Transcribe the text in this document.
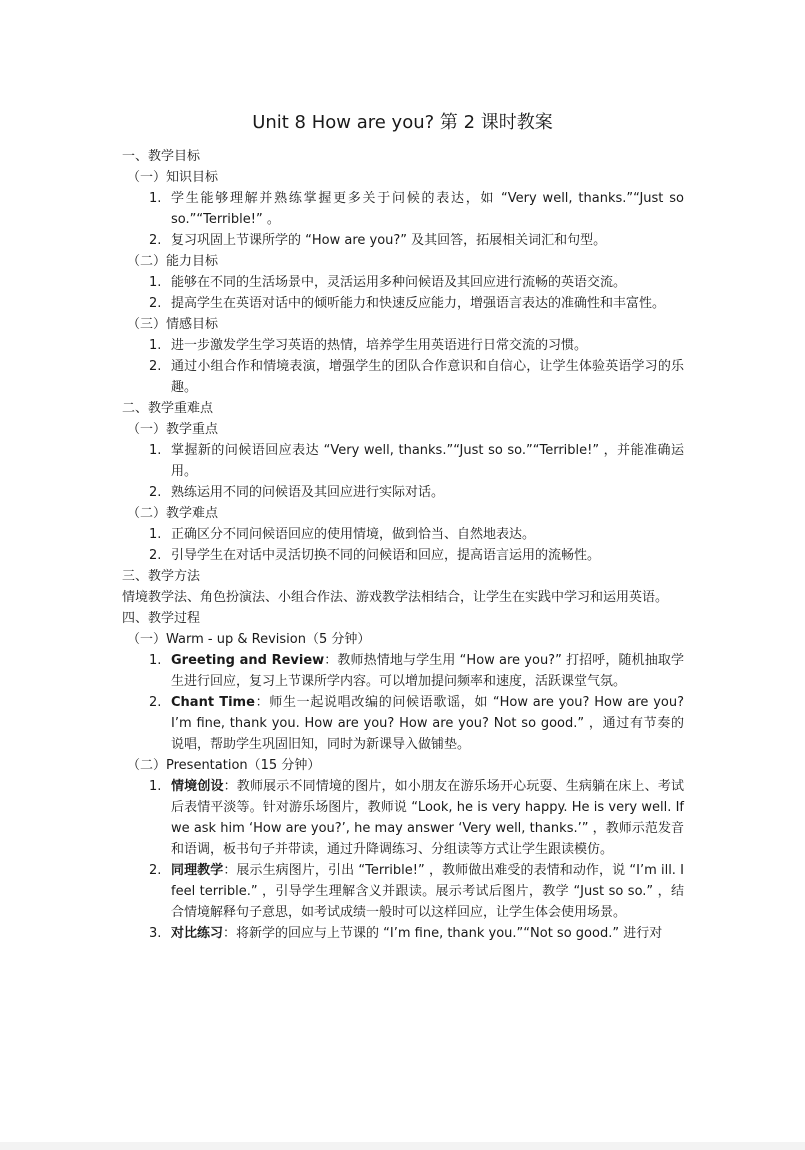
Unit 8 How are you? 第 2 课时教案

一、教学目标

（一）知识目标

1. 学生能够理解并熟练掌握更多关于问候的表达，如 “Very well, thanks.”“Just so so.”“Terrible!” 。
2. 复习巩固上节课所学的 “How are you?” 及其回答，拓展相关词汇和句型。

（二）能力目标

1. 能够在不同的生活场景中，灵活运用多种问候语及其回应进行流畅的英语交流。
2. 提高学生在英语对话中的倾听能力和快速反应能力，增强语言表达的准确性和丰富性。

（三）情感目标

1. 进一步激发学生学习英语的热情，培养学生用英语进行日常交流的习惯。
2. 通过小组合作和情境表演，增强学生的团队合作意识和自信心，让学生体验英语学习的乐趣。

二、教学重难点

（一）教学重点

1. 掌握新的问候语回应表达 “Very well, thanks.”“Just so so.”“Terrible!” ，并能准确运用。
2. 熟练运用不同的问候语及其回应进行实际对话。

（二）教学难点

1. 正确区分不同问候语回应的使用情境，做到恰当、自然地表达。
2. 引导学生在对话中灵活切换不同的问候语和回应，提高语言运用的流畅性。

三、教学方法

情境教学法、角色扮演法、小组合作法、游戏教学法相结合，让学生在实践中学习和运用英语。

四、教学过程

（一）Warm - up & Revision（5 分钟）

1. Greeting and Review：教师热情地与学生用 “How are you?” 打招呼，随机抽取学生进行回应，复习上节课所学内容。可以增加提问频率和速度，活跃课堂气氛。
2. Chant Time：师生一起说唱改编的问候语歌谣，如 “How are you? How are you? I’m fine, thank you. How are you? How are you? Not so good.” ，通过有节奏的说唱，帮助学生巩固旧知，同时为新课导入做铺垫。

（二）Presentation（15 分钟）

1. 情境创设：教师展示不同情境的图片，如小朋友在游乐场开心玩耍、生病躺在床上、考试后表情平淡等。针对游乐场图片，教师说 “Look, he is very happy. He is very well. If we ask him ‘How are you?’, he may answer ‘Very well, thanks.’” ，教师示范发音和语调，板书句子并带读，通过升降调练习、分组读等方式让学生跟读模仿。
2. 同理教学：展示生病图片，引出 “Terrible!” ，教师做出难受的表情和动作，说 “I’m ill. I feel terrible.” ，引导学生理解含义并跟读。展示考试后图片，教学 “Just so so.” ，结合情境解释句子意思，如考试成绩一般时可以这样回应，让学生体会使用场景。
3. 对比练习：将新学的回应与上节课的 “I’m fine, thank you.”“Not so good.” 进行对
